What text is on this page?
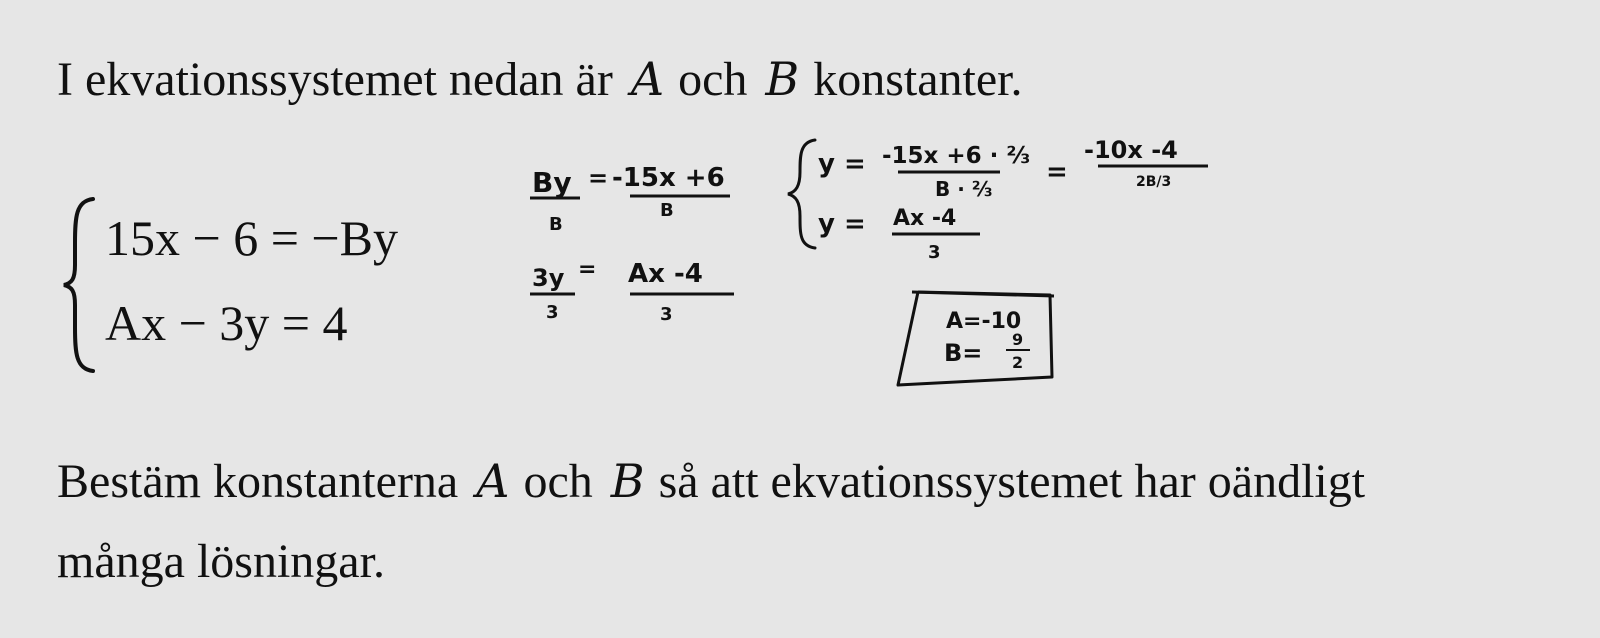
I ekvationssystemet nedan är A och B konstanter.
15x − 6 = −By
Ax − 3y = 4
By
B
= -15x +6
B
3y
3
= Ax -4
3
y = -15x +6 · ⅔
B · ⅔
y = Ax -4
3
=
-10x -4
2B/3
A=-10
B= 9
2
Bestäm konstanterna A och B så att ekvationssystemet har oändligt
många lösningar.
